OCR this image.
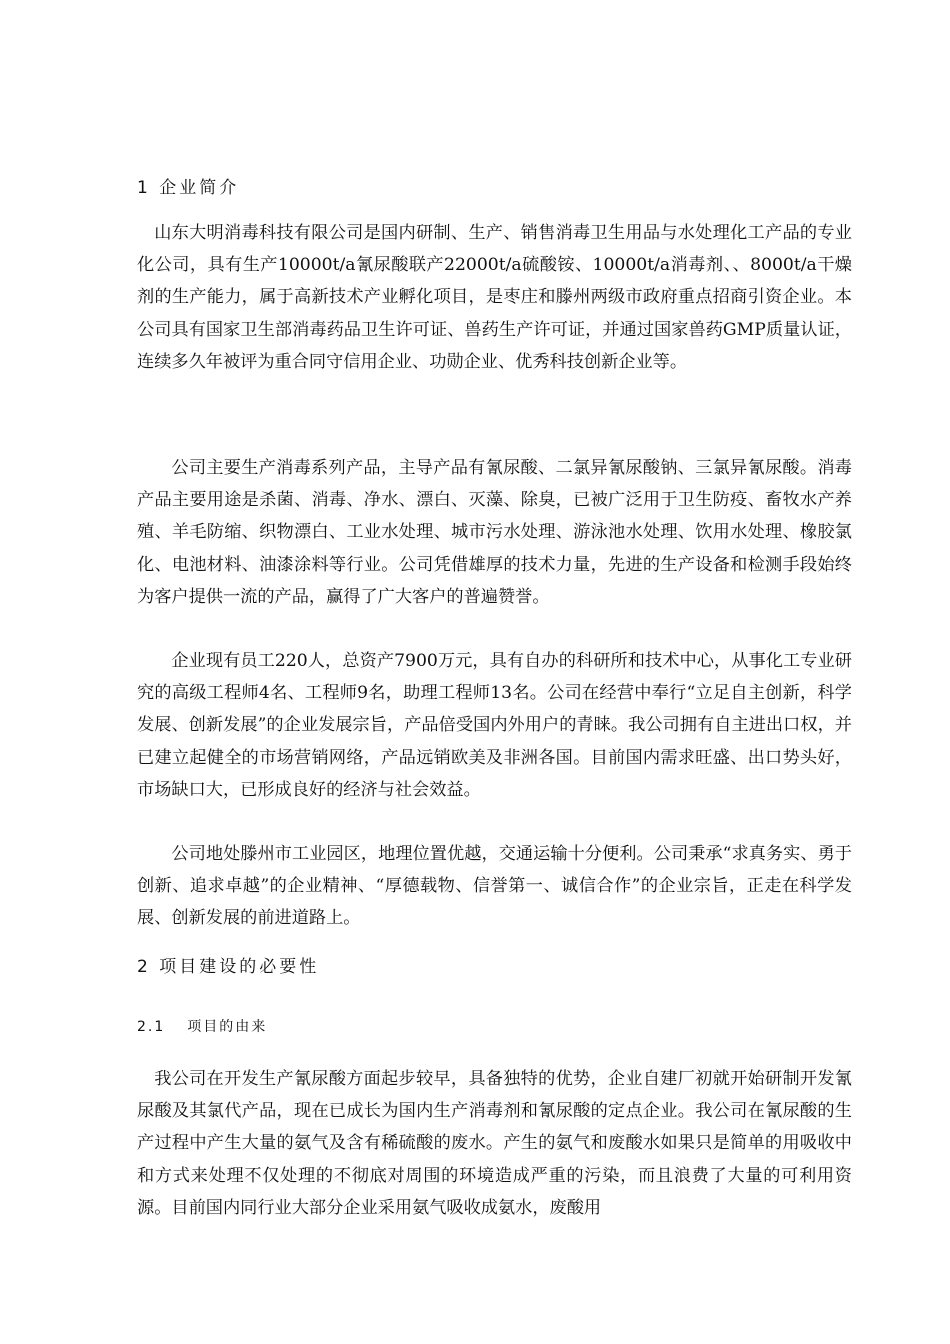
1 企业简介

山东大明消毒科技有限公司是国内研制、生产、销售消毒卫生用品与水处理化工产品的专业化公司，具有生产10000t/a氰尿酸联产22000t/a硫酸铵、10000t/a消毒剂、、8000t/a干燥剂的生产能力，属于高新技术产业孵化项目，是枣庄和滕州两级市政府重点招商引资企业。本公司具有国家卫生部消毒药品卫生许可证、兽药生产许可证，并通过国家兽药GMP质量认证，连续多久年被评为重合同守信用企业、功勋企业、优秀科技创新企业等。

公司主要生产消毒系列产品，主导产品有氰尿酸、二氯异氰尿酸钠、三氯异氰尿酸。消毒产品主要用途是杀菌、消毒、净水、漂白、灭藻、除臭，已被广泛用于卫生防疫、畜牧水产养殖、羊毛防缩、织物漂白、工业水处理、城市污水处理、游泳池水处理、饮用水处理、橡胶氯化、电池材料、油漆涂料等行业。公司凭借雄厚的技术力量，先进的生产设备和检测手段始终为客户提供一流的产品，赢得了广大客户的普遍赞誉。

企业现有员工220人，总资产7900万元，具有自办的科研所和技术中心，从事化工专业研究的高级工程师4名、工程师9名，助理工程师13名。公司在经营中奉行“立足自主创新，科学发展、创新发展”的企业发展宗旨，产品倍受国内外用户的青睐。我公司拥有自主进出口权，并已建立起健全的市场营销网络，产品远销欧美及非洲各国。目前国内需求旺盛、出口势头好，市场缺口大，已形成良好的经济与社会效益。

公司地处滕州市工业园区，地理位置优越，交通运输十分便利。公司秉承“求真务实、勇于创新、追求卓越”的企业精神、“厚德载物、信誉第一、诚信合作”的企业宗旨，正走在科学发展、创新发展的前进道路上。

2 项目建设的必要性
2.1 项目的由来

我公司在开发生产氰尿酸方面起步较早，具备独特的优势，企业自建厂初就开始研制开发氰尿酸及其氯代产品，现在已成长为国内生产消毒剂和氰尿酸的定点企业。我公司在氰尿酸的生产过程中产生大量的氨气及含有稀硫酸的废水。产生的氨气和废酸水如果只是简单的用吸收中和方式来处理不仅处理的不彻底对周围的环境造成严重的污染，而且浪费了大量的可利用资源。目前国内同行业大部分企业采用氨气吸收成氨水，废酸用
